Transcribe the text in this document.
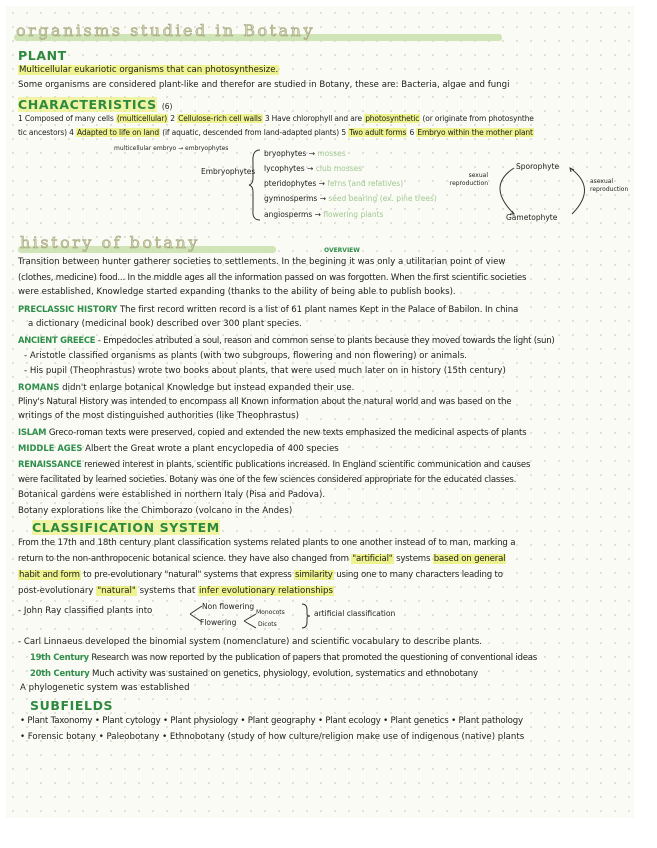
organisms studied in Botany
PLANT
Multicellular eukariotic organisms that can photosynthesize.
Some organisms are considered plant-like and therefor are studied in Botany, these are: Bacteria, algae and fungi
CHARACTERISTICS (6)
1 Composed of many cells (multicellular) 2 Cellulose-rich cell walls 3 Have chlorophyll and are photosynthetic (or originate from photosynthe
tic ancestors) 4 Adapted to life on land (if aquatic, descended from land-adapted plants) 5 Two adult forms 6 Embryo within the mother plant
multicellular embryo → embryophytes
Embryophytes
bryophytes → mosses
lycophytes → club mosses
pteridophytes → ferns (and relatives)
gymnosperms → seed bearing (ex. pine trees)
angiosperms → flowering plants
Sporophyte
Gametophyte
sexual reproduction	asexual reproduction
history of botany	OVERVIEW
Transition between hunter gatherer societies to settlements. In the begining it was only a utilitarian point of view
(clothes, medicine) food... In the middle ages all the information passed on was forgotten. When the first scientific societies
were established, Knowledge started expanding (thanks to the ability of being able to publish books).
PRECLASSIC HISTORY The first record written record is a list of 61 plant names Kept in the Palace of Babilon. In china
a dictionary (medicinal book) described over 300 plant species.
ANCIENT GREECE - Empedocles atributed a soul, reason and common sense to plants because they moved towards the light (sun)
- Aristotle classified organisms as plants (with two subgroups, flowering and non flowering) or animals.
- His pupil (Theophrastus) wrote two books about plants, that were used much later on in history (15th century)
ROMANS didn't enlarge botanical Knowledge but instead expanded their use.
Pliny's Natural History was intended to encompass all Known information about the natural world and was based on the
writings of the most distinguished authorities (like Theophrastus)
ISLAM Greco-roman texts were preserved, copied and extended the new texts emphasized the medicinal aspects of plants
MIDDLE AGES Albert the Great wrote a plant encyclopedia of 400 species
RENAISSANCE renewed interest in plants, scientific publications increased. In England scientific communication and causes
were facilitated by learned societies. Botany was one of the few sciences considered appropriate for the educated classes.
Botanical gardens were established in northern Italy (Pisa and Padova).
Botany explorations like the Chimborazo (volcano in the Andes)
CLASSIFICATION SYSTEM
From the 17th and 18th century plant classification systems related plants to one another instead of to man, marking a
return to the non-anthropocenic botanical science. they have also changed from "artificial" systems based on general
habit and form to pre-evolutionary "natural" systems that express similarity using one to many characters leading to
post-evolutionary "natural" systems that infer evolutionary relationships
- John Ray classified plants into	Non flowering
Flowering
Monocots
Dicots
artificial classification
- Carl Linnaeus developed the binomial system (nomenclature) and scientific vocabulary to describe plants.
19th Century Research was now reported by the publication of papers that promoted the questioning of conventional ideas
20th Century Much activity was sustained on genetics, physiology, evolution, systematics and ethnobotany
A phylogenetic system was established
SUBFIELDS
• Plant Taxonomy • Plant cytology • Plant physiology • Plant geography • Plant ecology • Plant genetics • Plant pathology
• Forensic botany • Paleobotany • Ethnobotany (study of how culture/religion make use of indigenous (native) plants
